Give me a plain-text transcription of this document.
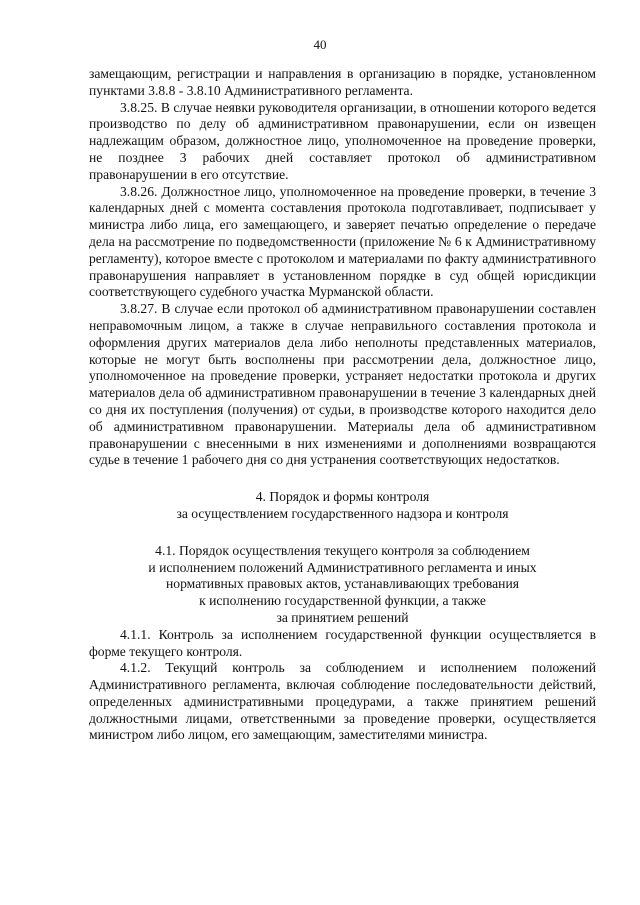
40

замещающим, регистрации и направления в организацию в порядке, установленном пунктами 3.8.8 - 3.8.10 Административного регламента.

3.8.25. В случае неявки руководителя организации, в отношении которого ведется производство по делу об административном правонарушении, если он извещен надлежащим образом, должностное лицо, уполномоченное на проведение проверки, не позднее 3 рабочих дней составляет протокол об административном правонарушении в его отсутствие.

3.8.26. Должностное лицо, уполномоченное на проведение проверки, в течение 3 календарных дней с момента составления протокола подготавливает, подписывает у министра либо лица, его замещающего, и заверяет печатью определение о передаче дела на рассмотрение по подведомственности (приложение № 6 к Административному регламенту), которое вместе с протоколом и материалами по факту административного правонарушения направляет в установленном порядке в суд общей юрисдикции соответствующего судебного участка Мурманской области.

3.8.27. В случае если протокол об административном правонарушении составлен неправомочным лицом, а также в случае неправильного составления протокола и оформления других материалов дела либо неполноты представленных материалов, которые не могут быть восполнены при рассмотрении дела, должностное лицо, уполномоченное на проведение проверки, устраняет недостатки протокола и других материалов дела об административном правонарушении в течение 3 календарных дней со дня их поступления (получения) от судьи, в производстве которого находится дело об административном правонарушении. Материалы дела об административном правонарушении с внесенными в них изменениями и дополнениями возвращаются судье в течение 1 рабочего дня со дня устранения соответствующих недостатков.

4. Порядок и формы контроля

за осуществлением государственного надзора и контроля

4.1. Порядок осуществления текущего контроля за соблюдением

и исполнением положений Административного регламента и иных

нормативных правовых актов, устанавливающих требования

к исполнению государственной функции, а также

за принятием решений

4.1.1. Контроль за исполнением государственной функции осуществляется в форме текущего контроля.

4.1.2. Текущий контроль за соблюдением и исполнением положений Административного регламента, включая соблюдение последовательности действий, определенных административными процедурами, а также принятием решений должностными лицами, ответственными за проведение проверки, осуществляется министром либо лицом, его замещающим, заместителями министра.
